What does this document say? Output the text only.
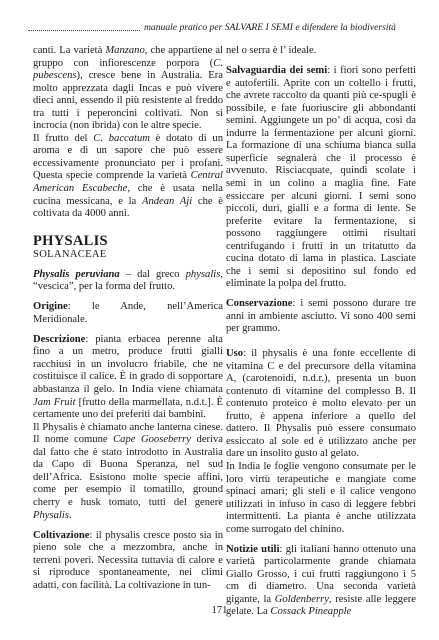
manuale pratico per SALVARE I SEMI e difendere la biodiversità

canti. La varietà Manzano, che appartiene al gruppo con infiorescenze porpora (C. pubescens), cresce bene in Australia. Era molto apprezzata dagli Incas e può vivere dieci anni, essendo il più resistente al freddo tra tutti i peperoncini coltivati. Non si incrocia (non ibrida) con le altre specie.

Il frutto del C. baccatum è dotato di un aroma e di un sapore che può essere eccessivamente pronunciato per i profani. Questa specie comprende la varietà Central American Escabeche, che è usata nella cucina messicana, e la Andean Aji che è coltivata da 4000 anni.

PHYSALIS
SOLANACEAE

Physalis peruviana – dal greco physalis, “vescica”, per la forma del frutto.

Origine: le Ande, nell’America Meridionale.

Descrizione: pianta erbacea perenne alta fino a un metro, produce frutti gialli racchiusi in un involucro friabile, che ne costituisce il calice. È in grado di sopportare abbastanza il gelo. In India viene chiamata Jam Fruit [frutto della marmellata, n.d.t.]. È certamente uno dei preferiti dai bambini.

Il Physalis è chiamato anche lanterna cinese. Il nome comune Cape Gooseberry deriva dal fatto che è stato introdotto in Australia da Capo di Buona Speranza, nel sud dell’Africa. Esistono molte specie affini, come per esempio il tomatillo, ground cherry e husk tomato, tutti del genere Physalis.

Coltivazione: il physalis cresce posto sia in pieno sole che a mezzombra, anche in terreni poveri. Necessita tuttavia di calore e si riproduce spontaneamente, nei climi adatti, con facilità. La coltivazione in tun-

nel o serra è l’ ideale.

Salvaguardia dei semi: i fiori sono perfetti e autofertili. Aprite con un coltello i frutti, che avrete raccolto da quanti più ce-spugli è possibile, e fate fuoriuscire gli abbondanti semini. Aggiungete un po’ di acqua, così da indurre la fermentazione per alcuni giorni. La formazione di una schiuma bianca sulla superficie segnalerà che il processo è avvenuto. Risciacquate, quindi scolate i semi in un colino a maglia fine. Fate essiccare per alcuni giorni. I semi sono piccoli, duri, gialli e a forma di lente. Se preferite evitare la fermentazione, si possono raggiungere ottimi risultati centrifugando i frutti in un tritatutto da cucina dotato di lama in plastica. Lasciate che i semi si depositino sul fondo ed eliminate la polpa del frutto.

Conservazione: i semi possono durare tre anni in ambiente asciutto. Vi sono 400 semi per grammo.

Uso: il physalis è una fonte eccellente di vitamina C e del precursore della vitamina A, (carotenoidi, n.d.r.), presenta un buon contenuto di vitamine del complesso B. Il contenuto proteico è molto elevato per un frutto, è appena inferiore a quello del dattero. Il Physalis può essere consumato essiccato al sole ed è utilizzato anche per dare un insolito gusto al gelato.

In India le foglie vengono consumate per le loro virtù terapeutiche e mangiate come spinaci amari; gli steli e il calice vengono utilizzati in infuso in caso di leggere febbri intermittenti. La pianta è anche utilizzata come surrogato del chinino.

Notizie utili: gli italiani hanno ottenuto una varietà particolarmente grande chiamata Giallo Grosso, i cui frutti raggiungono i 5 cm di diametro. Una seconda varietà gigante, la Goldenberry, resiste alle leggere gelate. La Cossack Pineapple

171
